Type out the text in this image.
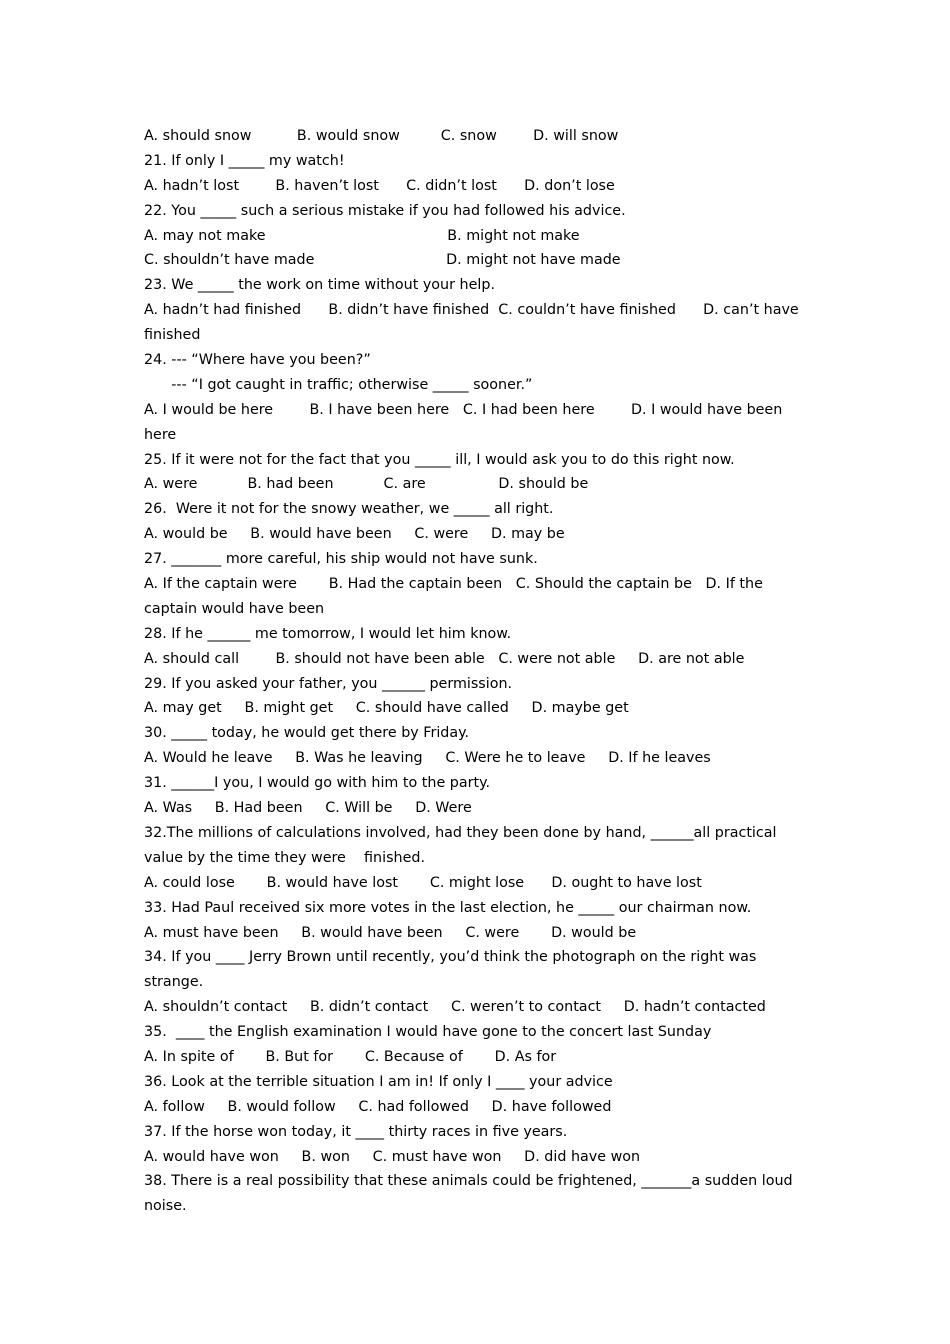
A. should snow          B. would snow         C. snow        D. will snow
21. If only I _____ my watch!
A. hadn’t lost        B. haven’t lost      C. didn’t lost      D. don’t lose
22. You _____ such a serious mistake if you had followed his advice.
A. may not make                                        B. might not make
C. shouldn’t have made                             D. might not have made
23. We _____ the work on time without your help.
A. hadn’t had finished      B. didn’t have finished  C. couldn’t have finished      D. can’t have
finished
24. --- “Where have you been?”
--- “I got caught in traffic; otherwise _____ sooner.”
A. I would be here        B. I have been here   C. I had been here        D. I would have been
here
25. If it were not for the fact that you _____ ill, I would ask you to do this right now.
A. were           B. had been           C. are                D. should be
26.  Were it not for the snowy weather, we _____ all right.
A. would be     B. would have been     C. were     D. may be
27. _______ more careful, his ship would not have sunk.
A. If the captain were       B. Had the captain been   C. Should the captain be   D. If the
captain would have been
28. If he ______ me tomorrow, I would let him know.
A. should call        B. should not have been able   C. were not able     D. are not able
29. If you asked your father, you ______ permission.
A. may get     B. might get     C. should have called     D. maybe get
30. _____ today, he would get there by Friday.
A. Would he leave     B. Was he leaving     C. Were he to leave     D. If he leaves
31. ______I you, I would go with him to the party.
A. Was     B. Had been     C. Will be     D. Were
32.The millions of calculations involved, had they been done by hand, ______all practical
value by the time they were    finished.
A. could lose       B. would have lost       C. might lose      D. ought to have lost
33. Had Paul received six more votes in the last election, he _____ our chairman now.
A. must have been     B. would have been     C. were       D. would be
34. If you ____ Jerry Brown until recently, you’d think the photograph on the right was
strange.
A. shouldn’t contact     B. didn’t contact     C. weren’t to contact     D. hadn’t contacted
35.  ____ the English examination I would have gone to the concert last Sunday
A. In spite of       B. But for       C. Because of       D. As for
36. Look at the terrible situation I am in! If only I ____ your advice
A. follow     B. would follow     C. had followed     D. have followed
37. If the horse won today, it ____ thirty races in five years.
A. would have won     B. won     C. must have won     D. did have won
38. There is a real possibility that these animals could be frightened, _______a sudden loud
noise.
